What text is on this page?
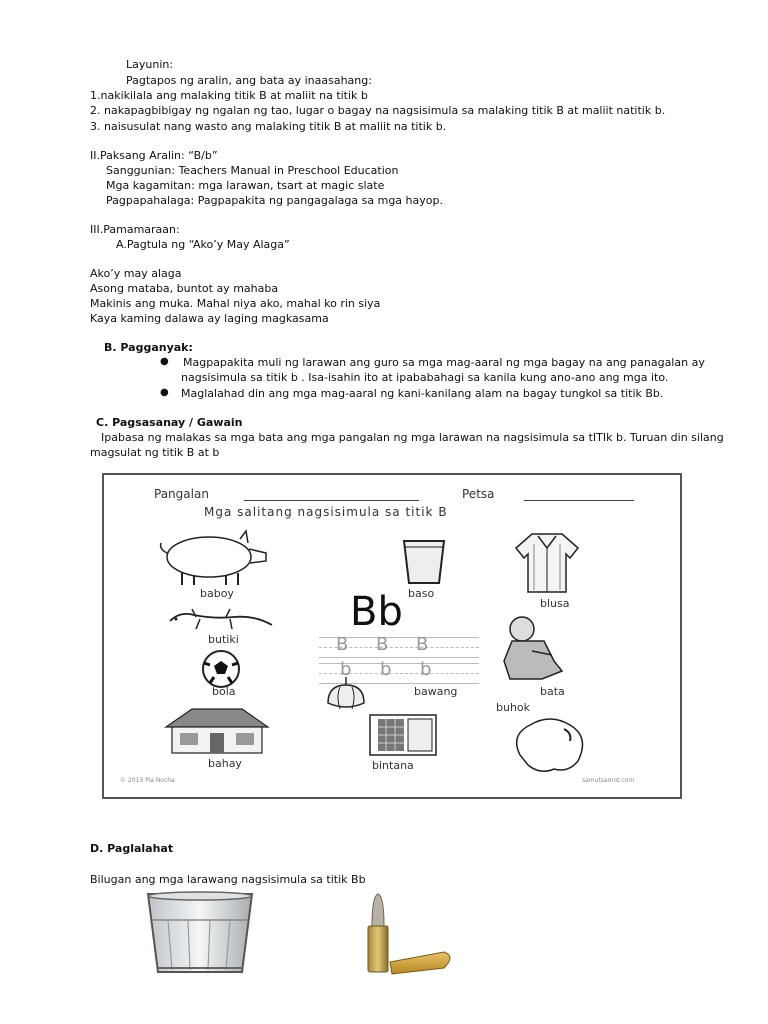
Layunin:
Pagtapos ng aralin, ang bata ay inaasahang:
1.nakikilala ang malaking titik B at maliit na titik b
2. nakapagbibigay ng ngalan ng tao, lugar o bagay na nagsisimula sa malaking titik B at maliit natitik b.
3. naisusulat nang wasto ang malaking titik B at maliit na titik b.
II.Paksang Aralin: “B/b”
Sanggunian: Teachers Manual in Preschool Education
Mga kagamitan: mga larawan, tsart at magic slate
Pagpapahalaga: Pagpapakita ng pangagalaga sa mga hayop.
III.Pamamaraan:
A.Pagtula ng “Ako’y May Alaga”
Ako’y may alaga
Asong mataba, buntot ay mahaba
Makinis ang muka. Mahal niya ako, mahal ko rin siya
Kaya kaming dalawa ay laging magkasama
B. Pagganyak:
● Magpapakita muli ng larawan ang guro sa mga mag-aaral ng mga bagay na ang panagalan ay
nagsisimula sa titik b . Isa-isahin ito at ipababahagi sa kanila kung ano-ano ang mga ito.
● Maglalahad din ang mga mag-aaral ng kani-kanilang alam na bagay tungkol sa titik Bb.
C. Pagsasanay / Gawain
Ipabasa ng malakas sa mga bata ang mga pangalan ng mga larawan na nagsisimula sa tITIk b. Turuan din silang
magsulat ng titik B at b
Pangalan	Petsa
Mga salitang nagsisimula sa titik B
baboy	baso
blusa
butiki
Bb
B B B
b b b
bata
bola	bawang
buhok
bahay	bintana
© 2013 Pia Nocha	samutsamot.com
D. Paglalahat
Bilugan ang mga larawang nagsisimula sa titik Bb
